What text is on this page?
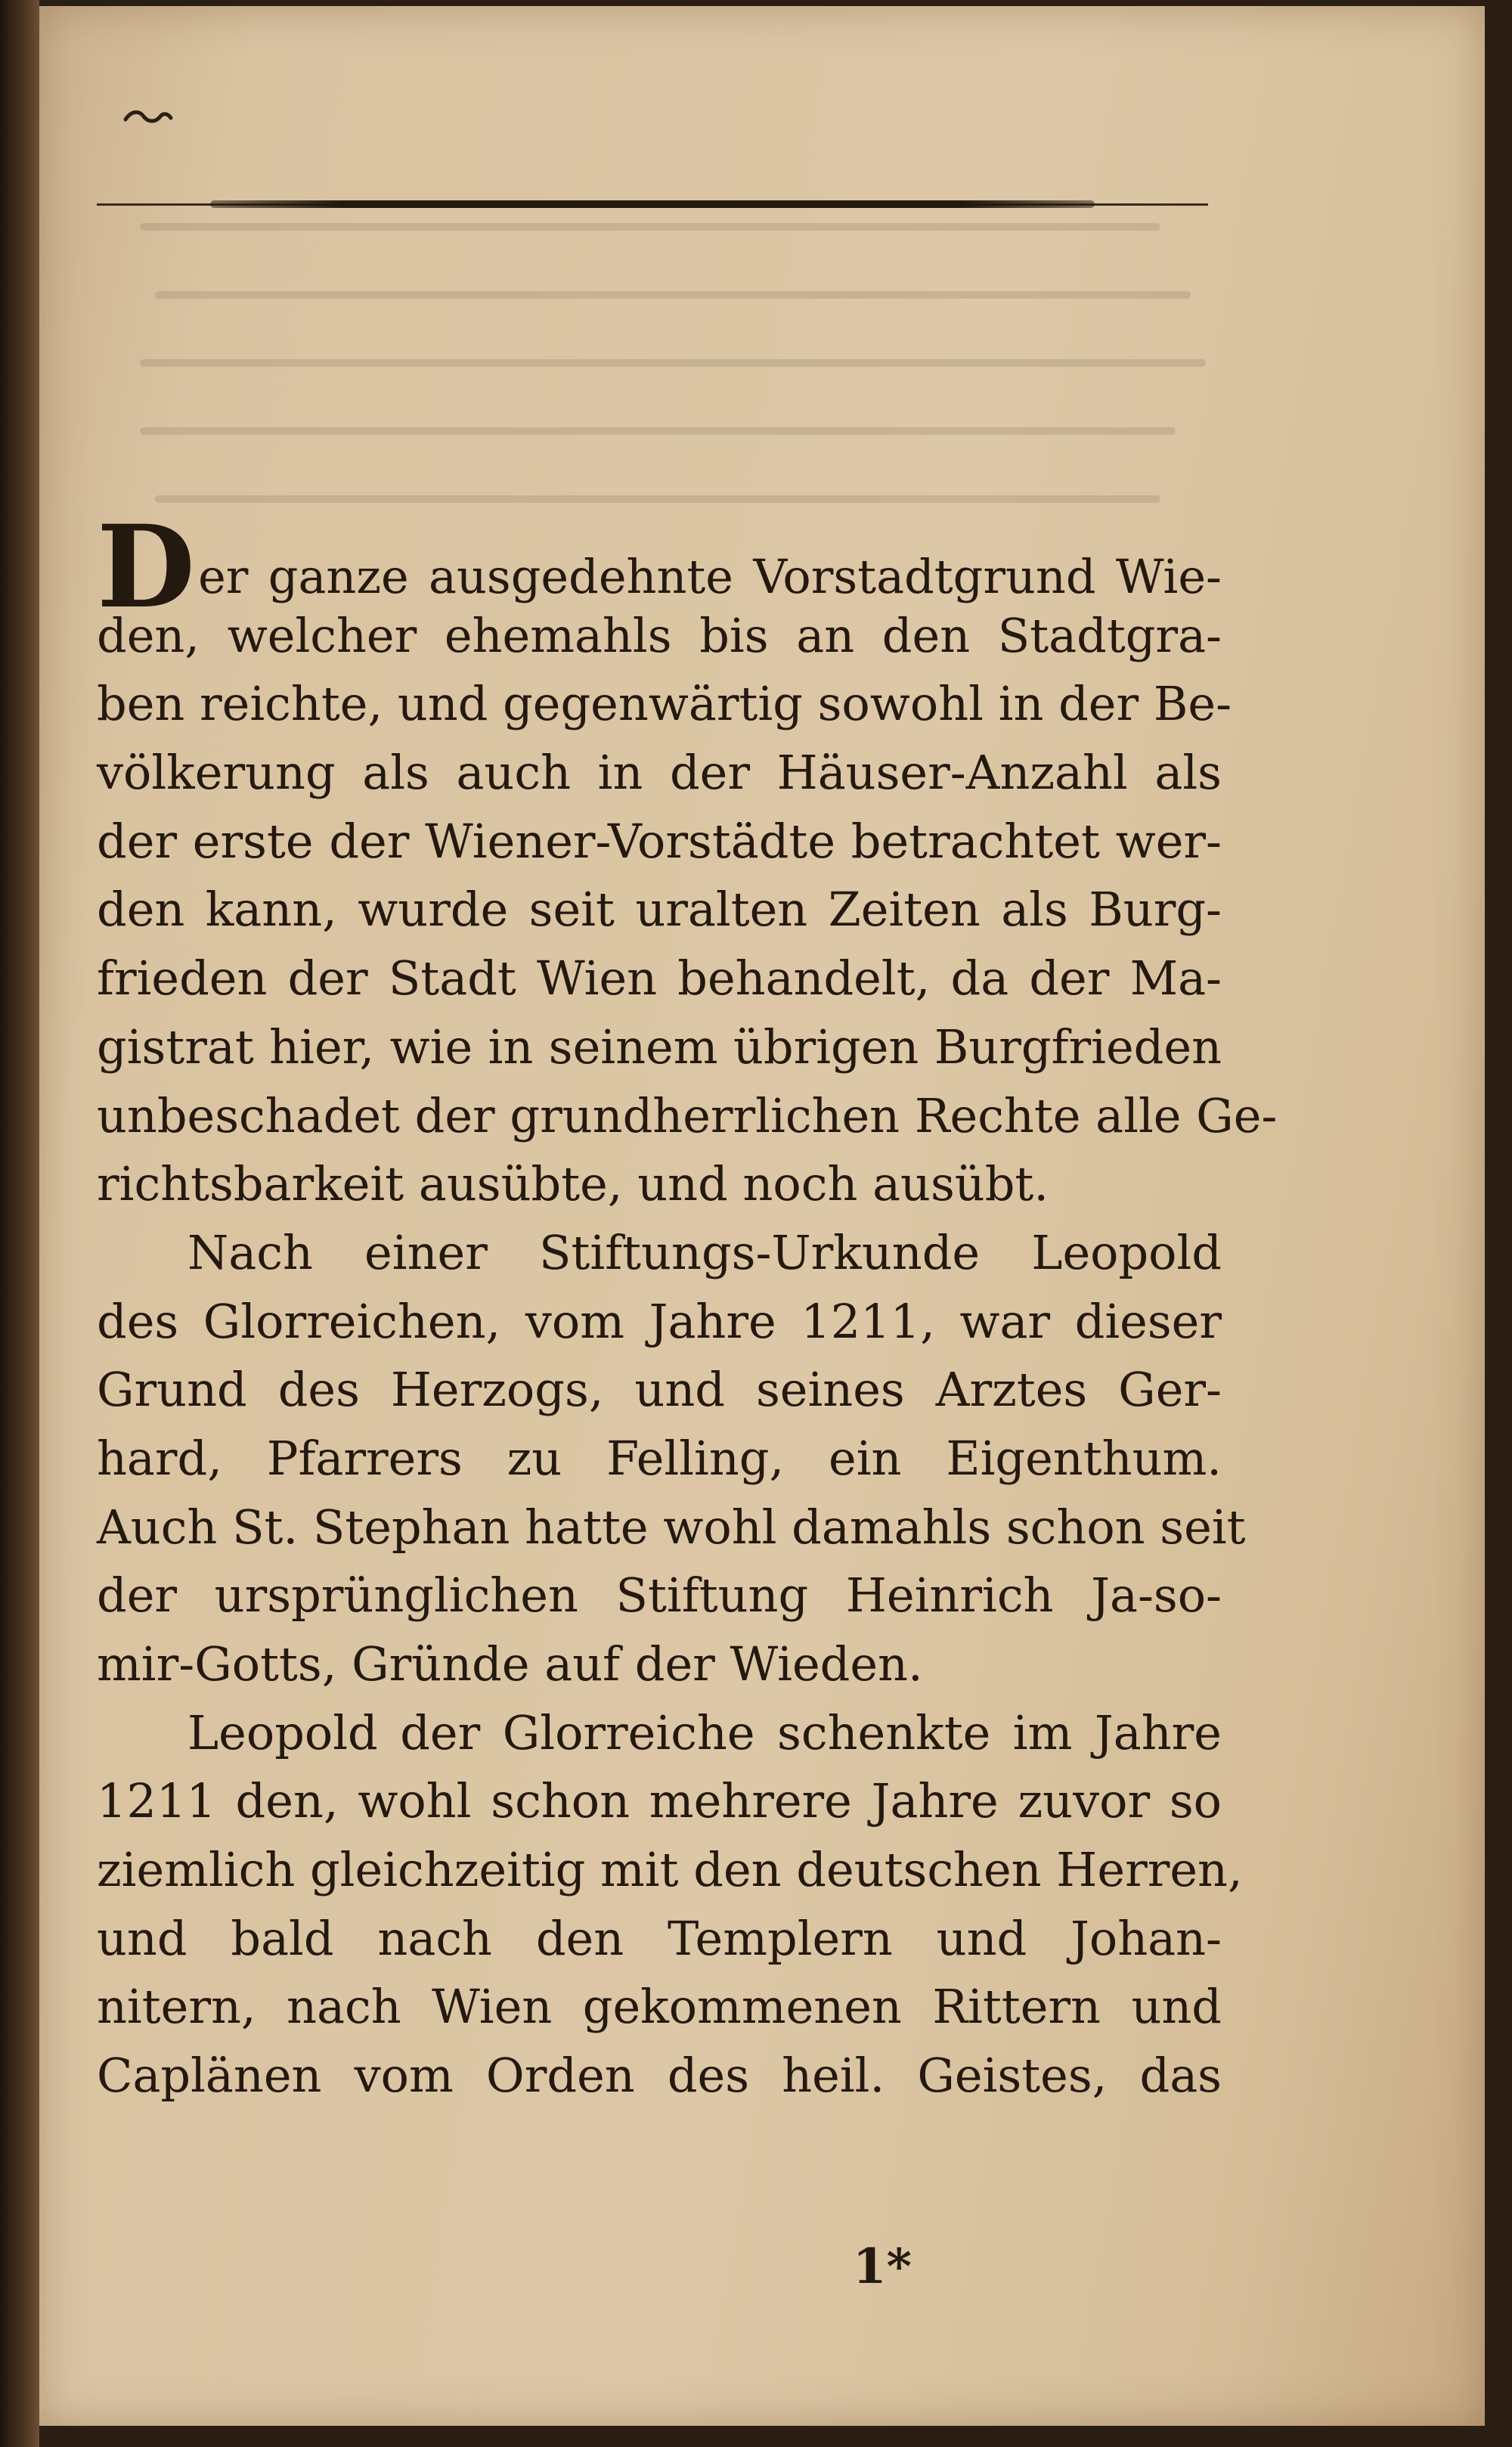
Der ganze ausgedehnte Vorstadtgrund Wie-
den, welcher ehemahls bis an den Stadtgra-
ben reichte, und gegenwärtig sowohl in der Be-
völkerung als auch in der Häuser-Anzahl als
der erste der Wiener-Vorstädte betrachtet wer-
den kann, wurde seit uralten Zeiten als Burg-
frieden der Stadt Wien behandelt, da der Ma-
gistrat hier, wie in seinem übrigen Burgfrieden
unbeschadet der grundherrlichen Rechte alle Ge-
richtsbarkeit ausübte, und noch ausübt.
Nach einer Stiftungs-Urkunde Leopold
des Glorreichen, vom Jahre 1211, war dieser
Grund des Herzogs, und seines Arztes Ger-
hard, Pfarrers zu Felling, ein Eigenthum.
Auch St. Stephan hatte wohl damahls schon seit
der ursprünglichen Stiftung Heinrich Ja-so-
mir-Gotts, Gründe auf der Wieden.
Leopold der Glorreiche schenkte im Jahre
1211 den, wohl schon mehrere Jahre zuvor so
ziemlich gleichzeitig mit den deutschen Herren,
und bald nach den Templern und Johan-
nitern, nach Wien gekommenen Rittern und
Caplänen vom Orden des heil. Geistes, das
1*
